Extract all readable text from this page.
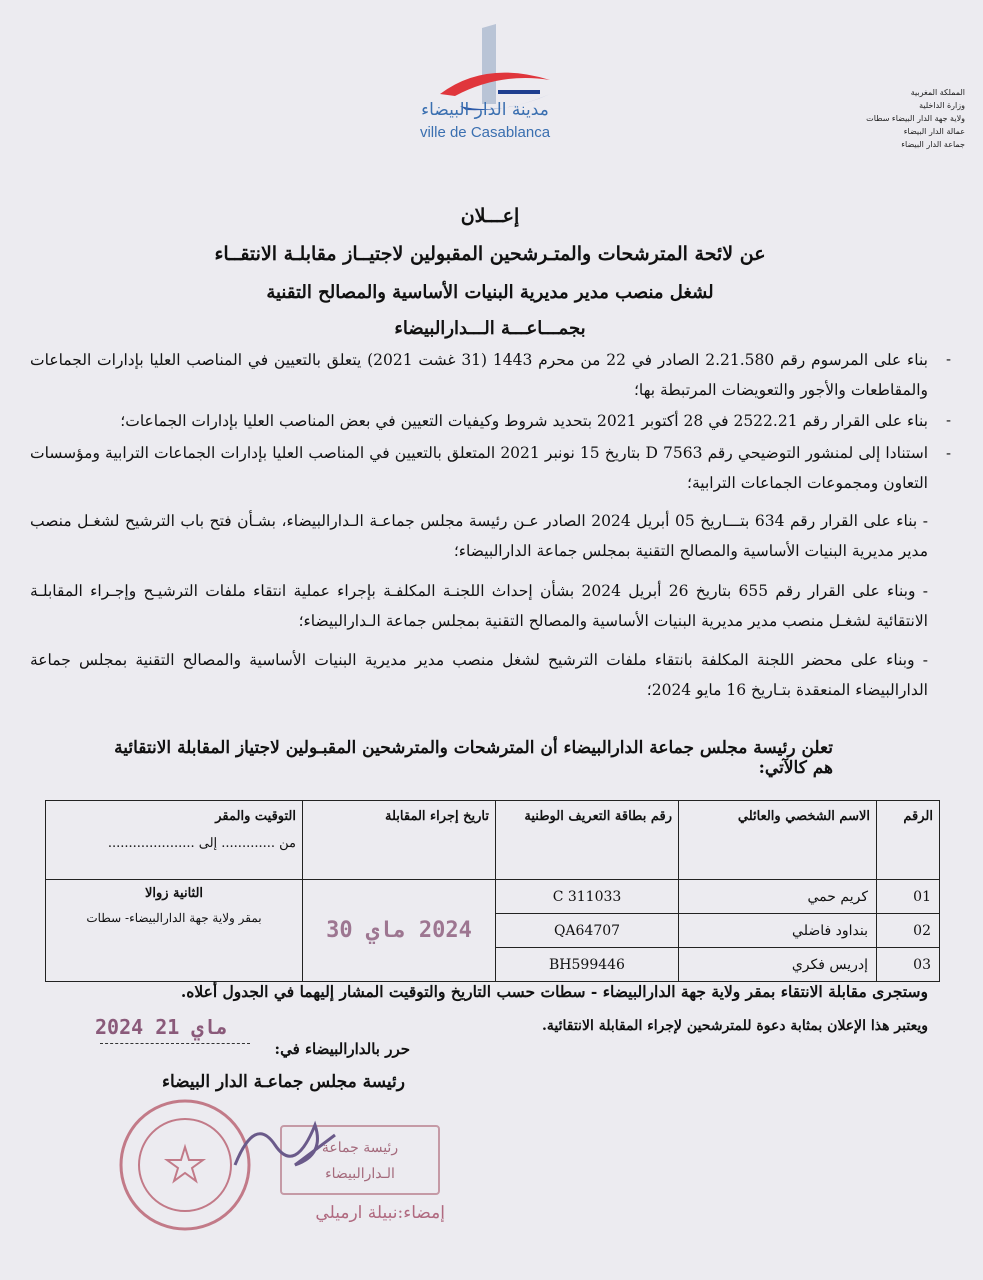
مدينة الدار البيضاء
ville de Casablanca
المملكة المغربية
وزارة الداخلية
ولاية جهة الدار البيضاء سطات
عمالة الدار البيضاء
جماعة الدار البيضاء
إعـــلان
عن لائحة المترشحات والمتـرشحين المقبولين لاجتيــاز مقابلـة الانتقــاء
لشغل منصب مدير مديرية البنيات الأساسية والمصالح التقنية
بجمـــاعـــة الـــدارالبيضاء
-
بناء على المرسوم رقم 2.21.580 الصادر في 22 من محرم 1443 (31 غشت 2021) يتعلق بالتعيين في المناصب العليا بإدارات الجماعات والمقاطعات والأجور والتعويضات المرتبطة بها؛
-
بناء على القرار رقم 2522.21 في 28 أكتوبر 2021 بتحديد شروط وكيفيات التعيين في بعض المناصب العليا بإدارات الجماعات؛
-
استنادا إلى لمنشور التوضيحي رقم D 7563 بتاريخ 15 نونبر 2021 المتعلق بالتعيين في المناصب العليا بإدارات الجماعات الترابية ومؤسسات التعاون ومجموعات الجماعات الترابية؛
- بناء على القرار رقم 634 بتـــاريخ 05 أبريل 2024 الصادر عـن رئيسة مجلس جماعـة الـدارالبيضاء، بشـأن فتح باب الترشيح لشغـل منصب مدير مديرية البنيات الأساسية والمصالح التقنية بمجلس جماعة الدارالبيضاء؛
- وبناء على القرار رقم 655 بتاريخ 26 أبريل 2024 بشأن إحداث اللجنـة المكلفـة بإجراء عملية انتقاء ملفات الترشيـح وإجـراء المقابلـة الانتقائية لشغـل منصب مدير مديرية البنيات الأساسية والمصالح التقنية بمجلس جماعة الـدارالبيضاء؛
- وبناء على محضر اللجنة المكلفة بانتقاء ملفات الترشيح لشغل منصب مدير مديرية البنيات الأساسية والمصالح التقنية بمجلس جماعة الدارالبيضاء المنعقدة بتـاريخ 16 مايو 2024؛
تعلن رئيسة مجلس جماعة الدارالبيضاء أن المترشحات والمترشحين المقبـولين لاجتياز المقابلة الانتقائية هم كالآتي:
الرقم	الاسم الشخصي والعائلي	رقم بطاقة التعريف الوطنية	تاريخ إجراء المقابلة	التوقيت والمقر
من ............. إلى .....................

01	كريم حمي	C 311033	2024 ماي 30	الثانية زوالا
بمقر ولاية جهة الدارالبيضاء- سطات

02	بنداود فاضلي	QA64707		
03	إدريس فكري	BH599446		
وستجرى مقابلة الانتقاء بمقر ولاية جهة الدارالبيضاء - سطات حسب التاريخ والتوقيت المشار إليهما في الجدول أعلاه.
ويعتبر هذا الإعلان بمثابة دعوة للمترشحين لإجراء المقابلة الانتقائية.
حرر بالدارالبيضاء في:
2024 ماي 21
رئيسة مجلس جماعـة الدار البيضاء
رئيسة جماعة
الـدارالبيضاء
إمضاء:نبيلة ارميلي
